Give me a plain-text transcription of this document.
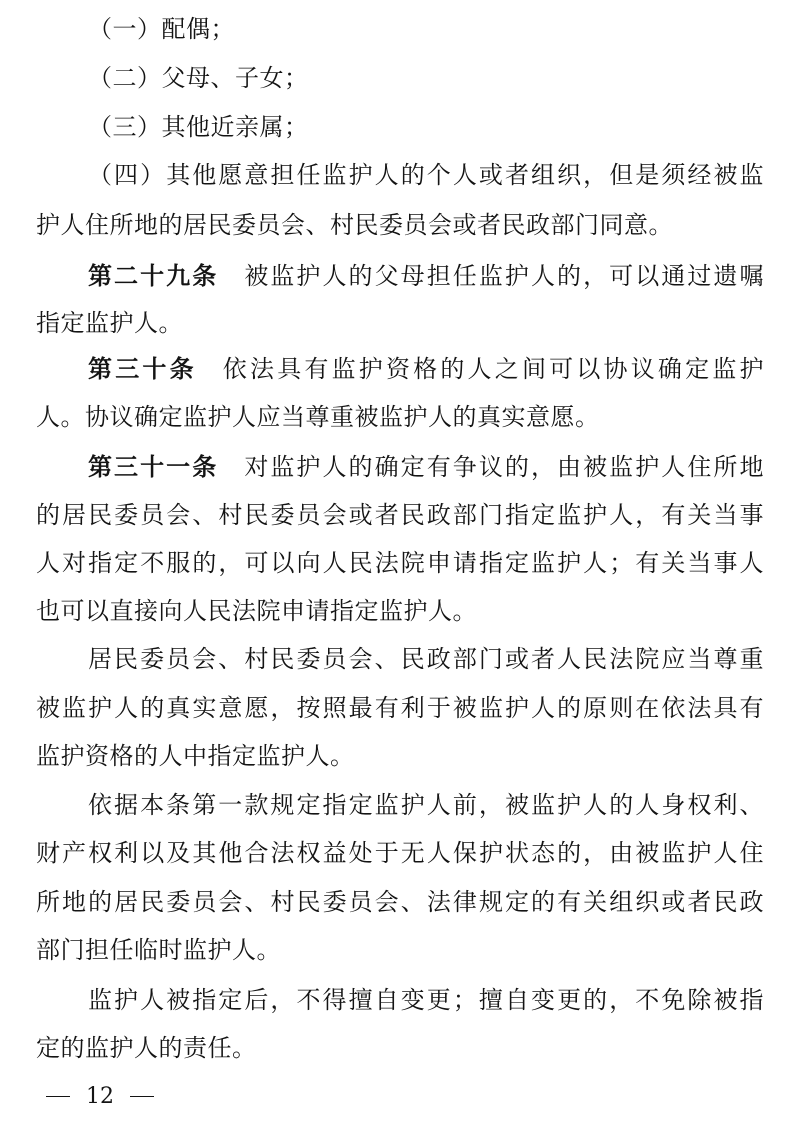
（一）配偶；
（二）父母、子女；
（三）其他近亲属；
（四）其他愿意担任监护人的个人或者组织，但是须经被监
护人住所地的居民委员会、村民委员会或者民政部门同意。
第二十九条 被监护人的父母担任监护人的，可以通过遗嘱
指定监护人。
第三十条 依法具有监护资格的人之间可以协议确定监护
人。协议确定监护人应当尊重被监护人的真实意愿。
第三十一条 对监护人的确定有争议的，由被监护人住所地
的居民委员会、村民委员会或者民政部门指定监护人，有关当事
人对指定不服的，可以向人民法院申请指定监护人；有关当事人
也可以直接向人民法院申请指定监护人。
居民委员会、村民委员会、民政部门或者人民法院应当尊重
被监护人的真实意愿，按照最有利于被监护人的原则在依法具有
监护资格的人中指定监护人。
依据本条第一款规定指定监护人前，被监护人的人身权利、
财产权利以及其他合法权益处于无人保护状态的，由被监护人住
所地的居民委员会、村民委员会、法律规定的有关组织或者民政
部门担任临时监护人。
监护人被指定后，不得擅自变更；擅自变更的，不免除被指
定的监护人的责任。
12
